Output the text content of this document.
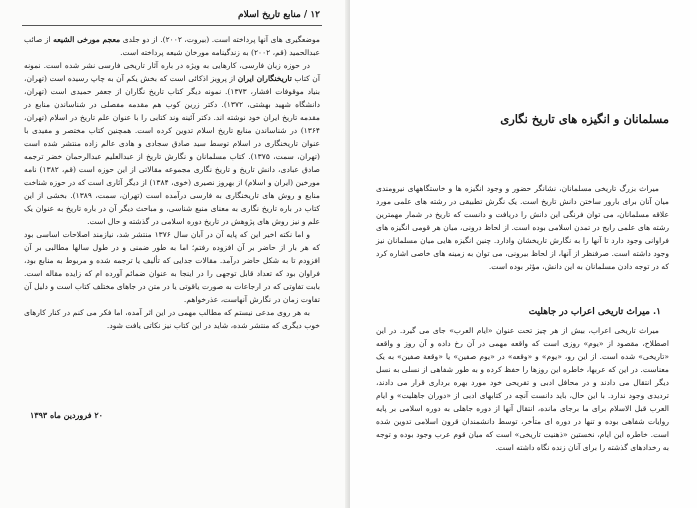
۱۲ / منابع تاریخ اسلام

موضعگیری های آنها پرداخته است. (بیروت، ۲۰۰۲). از دو جلدی معجم مورخی الشیعه از صائب عبدالحمید (قم، ۲۰۰۲) به زندگینامه مورخان شیعه پرداخته است.

در حوزه زبان فارسی، کارهایی به ویژه در باره آثار تاریخی فارسی نشر شده است. نمونه آن کتاب تاریخنگاران ایران از پرویز اذکائی است که بخش یکم آن به چاپ رسیده است (تهران، بنیاد موقوفات افشار، ۱۳۷۳). نمونه دیگر کتاب تاریخ نگاران از جعفر حمیدی است (تهران، دانشگاه شهید بهشتی، ۱۳۷۲). دکتر زرین کوب هم مقدمه مفصلی در شناساندن منابع در مقدمه تاریخ ایران خود نوشته اند. دکتر آئینه وند کتابی را با عنوان علم تاریخ در اسلام (تهران، ۱۳۶۴) در شناساندن منابع تاریخ اسلام تدوین کرده است. همچنین کتاب مختصر و مفیدی با عنوان تاریخنگاری در اسلام توسط سید صادق سجادی و هادی عالم زاده منتشر شده است (تهران، سمت، ۱۳۷۵). کتاب مسلمانان و نگارش تاریخ از عبدالعلیم عبدالرحمان خضر ترجمه صادق عبادی، دانش تاریخ و تاریخ نگاری مجموعه مقالاتی از این حوزه است (قم، ۱۳۸۲) نامه مورخین (ایران و اسلام) از بهروز نصیری (خوی، ۱۳۸۴) از دیگر آثاری است که در حوزه شناخت منابع و روش های تاریخنگاری به فارسی درآمده است (تهران، سمت، ۱۳۸۹). بخشی از این کتاب در باره تاریخ نگاری به معنای منبع شناسی، و مباحث دیگر آن در باره تاریخ به عنوان یک علم و نیز روش های پژوهش در تاریخ دوره اسلامی در گذشته و حال است.

و اما نکته اخیر این که پایه آن در آبان سال ۱۳۷۶ منتشر شد، نیازمند اصلاحات اساسی بود که هر بار از حاضر بر آن افزوده رفتم؛ اما به طور ضمنی و در طول سالها مطالبی بر آن افزودم تا به شکل حاضر درآمد. مقالات جدایی که تألیف یا ترجمه شده و مربوط به منابع بود، فراوان بود که تعداد قابل توجهی را در اینجا به عنوان ضمائم آورده ام که زایده مقاله است. بابت تفاوتی که در ارجاعات به صورت یاقوتی یا در متن در جاهای مختلف کتاب است و دلیل آن تفاوت زمان در نگارش آنهاست، عذرخواهم.

به هر روی مدعی نیستم که مطالب مهمی در این اثر آمده، اما فکر می کنم در کنار کارهای خوب دیگری که منتشر شده، شاید در این کتاب نیز نکاتی یافت شود.

۲۰ فروردین ماه ۱۳۹۳
مسلمانان و انگیزه های تاریخ نگاری

میراث بزرگ تاریخی مسلمانان، نشانگر حضور و وجود انگیزه ها و خاستگاههای نیرومندی میان آنان برای بارور ساختن دانش تاریخ است. یک نگرش تطبیقی در رشته های علمی مورد علاقه مسلمانان، می توان فرنگی این دانش را دریافت و دانست که تاریخ در شمار مهمترین رشته های علمی رایج در تمدن اسلامی بوده است. از لحاظ درونی، میان هر قومی انگیزه های فراوانی وجود دارد تا آنها را به نگارش تاریخشان وادارد. چنین انگیزه هایی میان مسلمانان نیز وجود داشته است. صرفنظر از آنها، از لحاظ بیرونی، می توان به زمینه های خاصی اشاره کرد که در توجه دادن مسلمانان به این دانش، مؤثر بوده است.

۱. میراث تاریخی اعراب در جاهلیت

میراث تاریخی اعراب، بیش از هر چیز تحت عنوان «ایام العرب» جای می گیرد. در این اصطلاح، مقصود از «یوم» روزی است که واقعه مهمی در آن رخ داده و آن روز و واقعه «تاریخی» شده است. از این رو، «یوم» و «وقعه» در «یوم صفین» یا «وقعة صفین» به یک معناست. در این که عربها، خاطره این روزها را حفظ کرده و به طور شفاهی از نسلی به نسل دیگر انتقال می دادند و در محافل ادبی و تفریحی خود مورد بهره برداری قرار می دادند، تردیدی وجود ندارد. با این حال، باید دانست آنچه در کتابهای ادبی از «دوران جاهلیت» و ایام العرب قبل الاسلام برای ما برجای مانده، انتقال آنها از دوره جاهلی به دوره اسلامی بر پایه روایات شفاهی بوده و تنها در دوره ای متأخر، توسط دانشمندان قرون اسلامی تدوین شده است. خاطره این ایام، نخستین «ذهنیت تاریخی» است که میان قوم عرب وجود بوده و توجه به رخدادهای گذشته را برای آنان زنده نگاه داشته است.
